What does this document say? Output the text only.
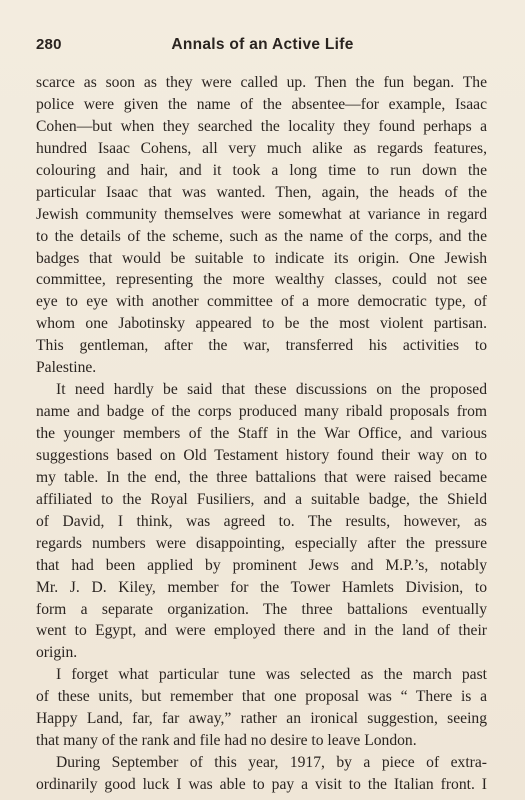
280	Annals of an Active Life
scarce as soon as they were called up. Then the fun began. The
police were given the name of the absentee—for example, Isaac
Cohen—but when they searched the locality they found perhaps a
hundred Isaac Cohens, all very much alike as regards features,
colouring and hair, and it took a long time to run down the
particular Isaac that was wanted. Then, again, the heads of the
Jewish community themselves were somewhat at variance in regard
to the details of the scheme, such as the name of the corps, and the
badges that would be suitable to indicate its origin. One Jewish
committee, representing the more wealthy classes, could not see
eye to eye with another committee of a more democratic type, of
whom one Jabotinsky appeared to be the most violent partisan.
This gentleman, after the war, transferred his activities to
Palestine.
It need hardly be said that these discussions on the proposed
name and badge of the corps produced many ribald proposals from
the younger members of the Staff in the War Office, and various
suggestions based on Old Testament history found their way on to
my table. In the end, the three battalions that were raised became
affiliated to the Royal Fusiliers, and a suitable badge, the Shield
of David, I think, was agreed to. The results, however, as
regards numbers were disappointing, especially after the pressure
that had been applied by prominent Jews and M.P.’s, notably
Mr. J. D. Kiley, member for the Tower Hamlets Division, to
form a separate organization. The three battalions eventually
went to Egypt, and were employed there and in the land of their
origin.
I forget what particular tune was selected as the march past
of these units, but remember that one proposal was “ There is a
Happy Land, far, far away,” rather an ironical suggestion, seeing
that many of the rank and file had no desire to leave London.
During September of this year, 1917, by a piece of extra-
ordinarily good luck I was able to pay a visit to the Italian front. I
